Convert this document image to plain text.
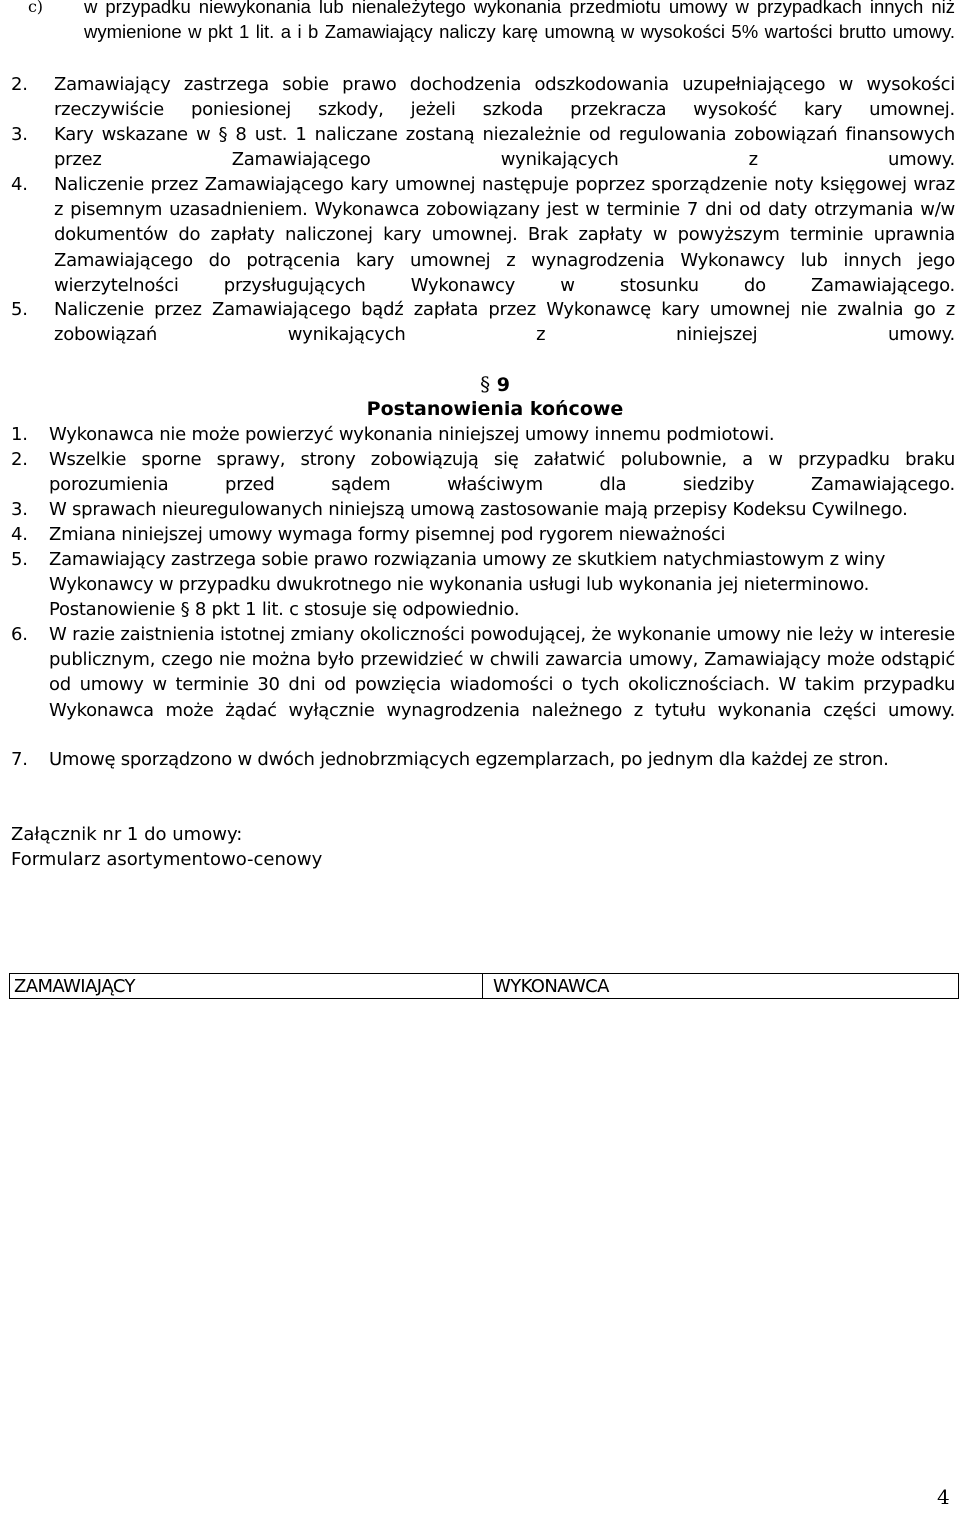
c) w przypadku niewykonania lub nienależytego wykonania przedmiotu umowy w przypadkach innych niż wymienione w pkt 1 lit. a i b Zamawiający naliczy karę umowną w wysokości 5% wartości brutto umowy.
2. Zamawiający zastrzega sobie prawo dochodzenia odszkodowania uzupełniającego w wysokości rzeczywiście poniesionej szkody, jeżeli szkoda przekracza wysokość kary umownej.
3. Kary wskazane w § 8 ust. 1 naliczane zostaną niezależnie od regulowania zobowiązań finansowych przez Zamawiającego wynikających z umowy.
4. Naliczenie przez Zamawiającego kary umownej następuje poprzez sporządzenie noty księgowej wraz z pisemnym uzasadnieniem. Wykonawca zobowiązany jest w terminie 7 dni od daty otrzymania w/w dokumentów do zapłaty naliczonej kary umownej. Brak zapłaty w powyższym terminie uprawnia Zamawiającego do potrącenia kary umownej z wynagrodzenia Wykonawcy lub innych jego wierzytelności przysługujących Wykonawcy w stosunku do Zamawiającego.
5. Naliczenie przez Zamawiającego bądź zapłata przez Wykonawcę kary umownej nie zwalnia go z zobowiązań wynikających z niniejszej umowy.
§ 9
Postanowienia końcowe
1. Wykonawca nie może powierzyć wykonania niniejszej umowy innemu podmiotowi.
2. Wszelkie sporne sprawy, strony zobowiązują się załatwić polubownie, a w przypadku braku porozumienia przed sądem właściwym dla siedziby Zamawiającego.
3. W sprawach nieuregulowanych niniejszą umową zastosowanie mają przepisy Kodeksu Cywilnego.
4. Zmiana niniejszej umowy wymaga formy pisemnej pod rygorem nieważności
5. Zamawiający zastrzega sobie prawo rozwiązania umowy ze skutkiem natychmiastowym z winy Wykonawcy w przypadku dwukrotnego nie wykonania usługi lub wykonania jej nieterminowo. Postanowienie § 8 pkt 1 lit. c stosuje się odpowiednio.
6. W razie zaistnienia istotnej zmiany okoliczności powodującej, że wykonanie umowy nie leży w interesie publicznym, czego nie można było przewidzieć w chwili zawarcia umowy, Zamawiający może odstąpić od umowy w terminie 30 dni od powzięcia wiadomości o tych okolicznościach. W takim przypadku Wykonawca może żądać wyłącznie wynagrodzenia należnego z tytułu wykonania części umowy.
7. Umowę sporządzono w dwóch jednobrzmiących egzemplarzach, po jednym dla każdej ze stron.
Załącznik nr 1 do umowy:
Formularz asortymentowo-cenowy
ZAMAWIAJĄCY	WYKONAWCA
4
